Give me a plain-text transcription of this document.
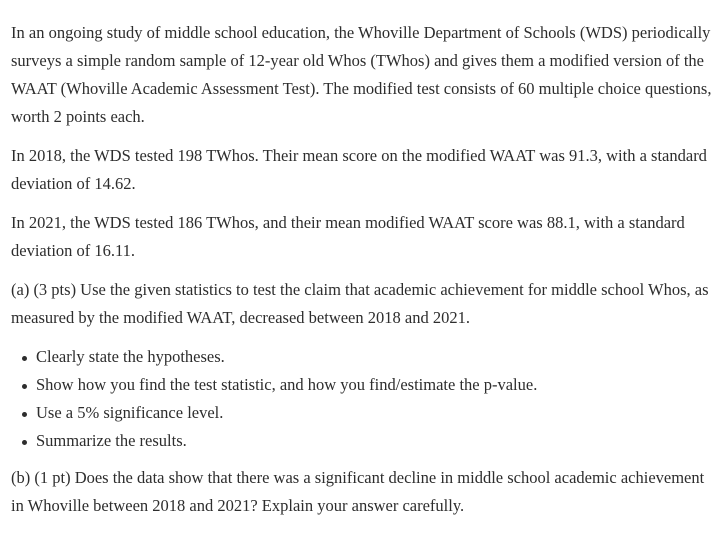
In an ongoing study of middle school education, the Whoville Department of Schools (WDS) periodically surveys a simple random sample of 12-year old Whos (TWhos) and gives them a modified version of the WAAT (Whoville Academic Assessment Test). The modified test consists of 60 multiple choice questions, worth 2 points each.

In 2018, the WDS tested 198 TWhos. Their mean score on the modified WAAT was 91.3, with a standard deviation of 14.62.

In 2021, the WDS tested 186 TWhos, and their mean modified WAAT score was 88.1, with a standard deviation of 16.11.

(a) (3 pts) Use the given statistics to test the claim that academic achievement for middle school Whos, as measured by the modified WAAT, decreased between 2018 and 2021.

Clearly state the hypotheses.
Show how you find the test statistic, and how you find/estimate the p-value.
Use a 5% significance level.
Summarize the results.

(b) (1 pt) Does the data show that there was a significant decline in middle school academic achievement in Whoville between 2018 and 2021? Explain your answer carefully.
